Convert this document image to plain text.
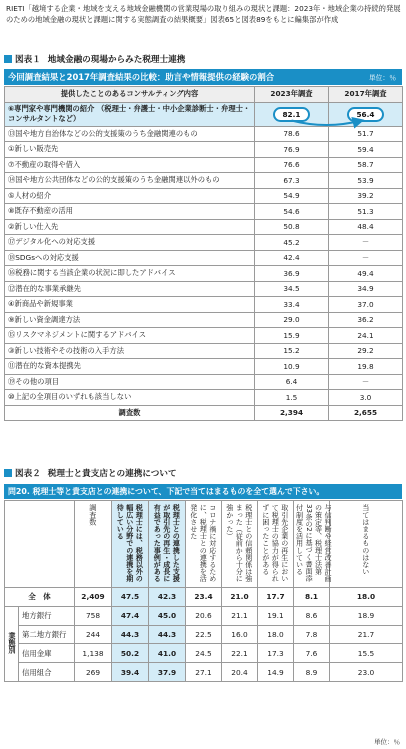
RIETI「越境する企業・地域を支える地域金融機関の営業現場の取り組みの現状と課題：2023年・地域企業の持続的発展のための地域金融の現状と課題に関する実態調査の結果概要」図表65と図表89をもとに編集部が作成
図表１ 地域金融の現場からみた税理士連携
今回調査結果と2017年調査結果の比較：助言や情報提供の経験の割合	単位：％
提供したことのあるコンサルティング内容	2023年調査	2017年調査
⑥専門家や専門機関の紹介 （税理士・弁護士・中小企業診断士・弁理士・コンサルタントなど）	82.1	56.4
⑬国や地方自治体などの公的支援策のうち金融関連のもの	78.6	51.7
①新しい販売先	76.9	59.4
⑦不動産の取得や借入	76.6	58.7
⑭国や地方公共団体などの公的支援策のうち金融関連以外のもの	67.3	53.9
⑤人材の紹介	54.9	39.2
⑧既存不動産の活用	54.6	51.3
②新しい仕入先	50.8	48.4
⑰デジタル化への対応支援	45.2	－
⑱SDGsへの対応支援	42.4	－
⑯税務に関する当該企業の状況に即したアドバイス	36.9	49.4
⑫潜在的な事業承継先	34.5	34.9
④新商品や新規事業	33.4	37.0
⑨新しい資金調達方法	29.0	36.2
⑮リスクマネジメントに関するアドバイス	15.9	24.1
③新しい技術やその技術の入手方法	15.2	29.2
⑪潜在的な資本提携先	10.9	19.8
⑲その他の項目	6.4	－
⑩上記の全項目のいずれも該当しない	1.5	3.0
調査数	2,394	2,655
図表２ 税理士と貴支店との連携について
問20. 税理士等と貴支店との連携について、下記で当てはまるものを全て選んで下さい。

		調査数	税理士には、税務以外の幅広い分野での連携を期待している	税理士との連携した支援が取引先の再生・成長に有益であった事例がある	コロナ禍に対応するために、税理士との連携を活発化させた	税理士との信頼関係は強まった（従前から十分に強かった）	取引先企業の再生において税理士の協力が得られずに困ったことがある	与信判断や経営改善計画の策定等、税理士法第33条の2に基づく書面添付制度を活用している	当てはまるものはない

全　体		2,409	47.5	42.3	23.4	21.0	17.7	8.1	18.0
業態別	地方銀行	758	47.4	45.0	20.6	21.1	19.1	8.6	18.9
	第二地方銀行	244	44.3	44.3	22.5	16.0	18.0	7.8	21.7
	信用金庫	1,138	50.2	41.0	24.5	22.1	17.3	7.6	15.5
	信用組合	269	39.4	37.9	27.1	20.4	14.9	8.9	23.0
単位：％
